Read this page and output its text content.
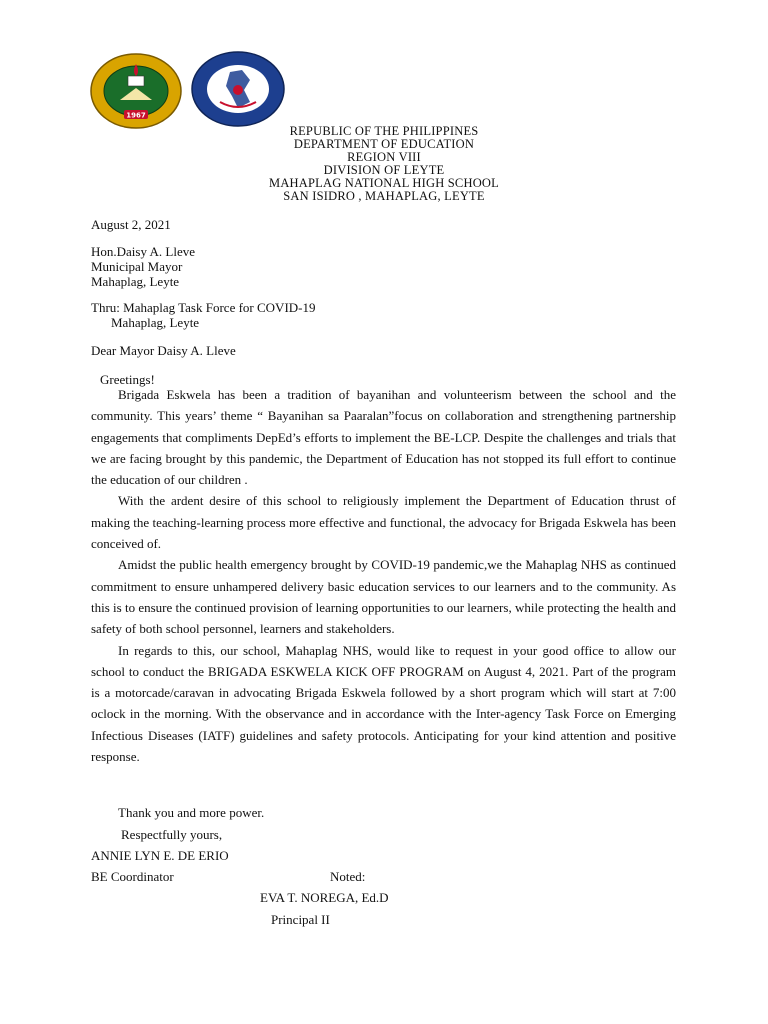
1967
REPUBLIC OF THE PHILIPPINES
DEPARTMENT OF EDUCATION
REGION VIII
DIVISION OF LEYTE
MAHAPLAG NATIONAL HIGH SCHOOL
SAN ISIDRO , MAHAPLAG, LEYTE
August 2, 2021
Hon.Daisy A. Lleve
Municipal Mayor
Mahaplag, Leyte
Thru: Mahaplag Task Force for COVID-19
Mahaplag, Leyte
Dear Mayor Daisy A. Lleve
Greetings!

Brigada Eskwela has been a tradition of bayanihan and volunteerism between the school and the community. This years’ theme “ Bayanihan sa Paaralan”focus on collaboration and strengthening partnership engagements that compliments DepEd’s efforts to implement the BE-LCP. Despite the challenges and trials that we are facing brought by this pandemic, the Department of Education has not stopped its full effort to continue the education of our children .

With the ardent desire of this school to religiously implement the Department of Education thrust of making the teaching-learning process more effective and functional, the advocacy for Brigada Eskwela has been conceived of.

Amidst the public health emergency brought by COVID-19 pandemic,we the Mahaplag NHS as continued commitment to ensure unhampered delivery basic education services to our learners and to the community. As this is to ensure the continued provision of learning opportunities to our learners, while protecting the health and safety of both school personnel, learners and stakeholders.

In regards to this, our school, Mahaplag NHS, would like to request in your good office to allow our school to conduct the BRIGADA ESKWELA KICK OFF PROGRAM on August 4, 2021. Part of the program is a motorcade/caravan in advocating Brigada Eskwela followed by a short program which will start at 7:00 oclock in the morning. With the observance and in accordance with the Inter-agency Task Force on Emerging Infectious Diseases (IATF) guidelines and safety protocols. Anticipating for your kind attention and positive response.

Thank you and more power.
Respectfully yours,
ANNIE LYN E. DE ERIO
BE Coordinator	Noted:
EVA T. NOREGA, Ed.D
Principal II
